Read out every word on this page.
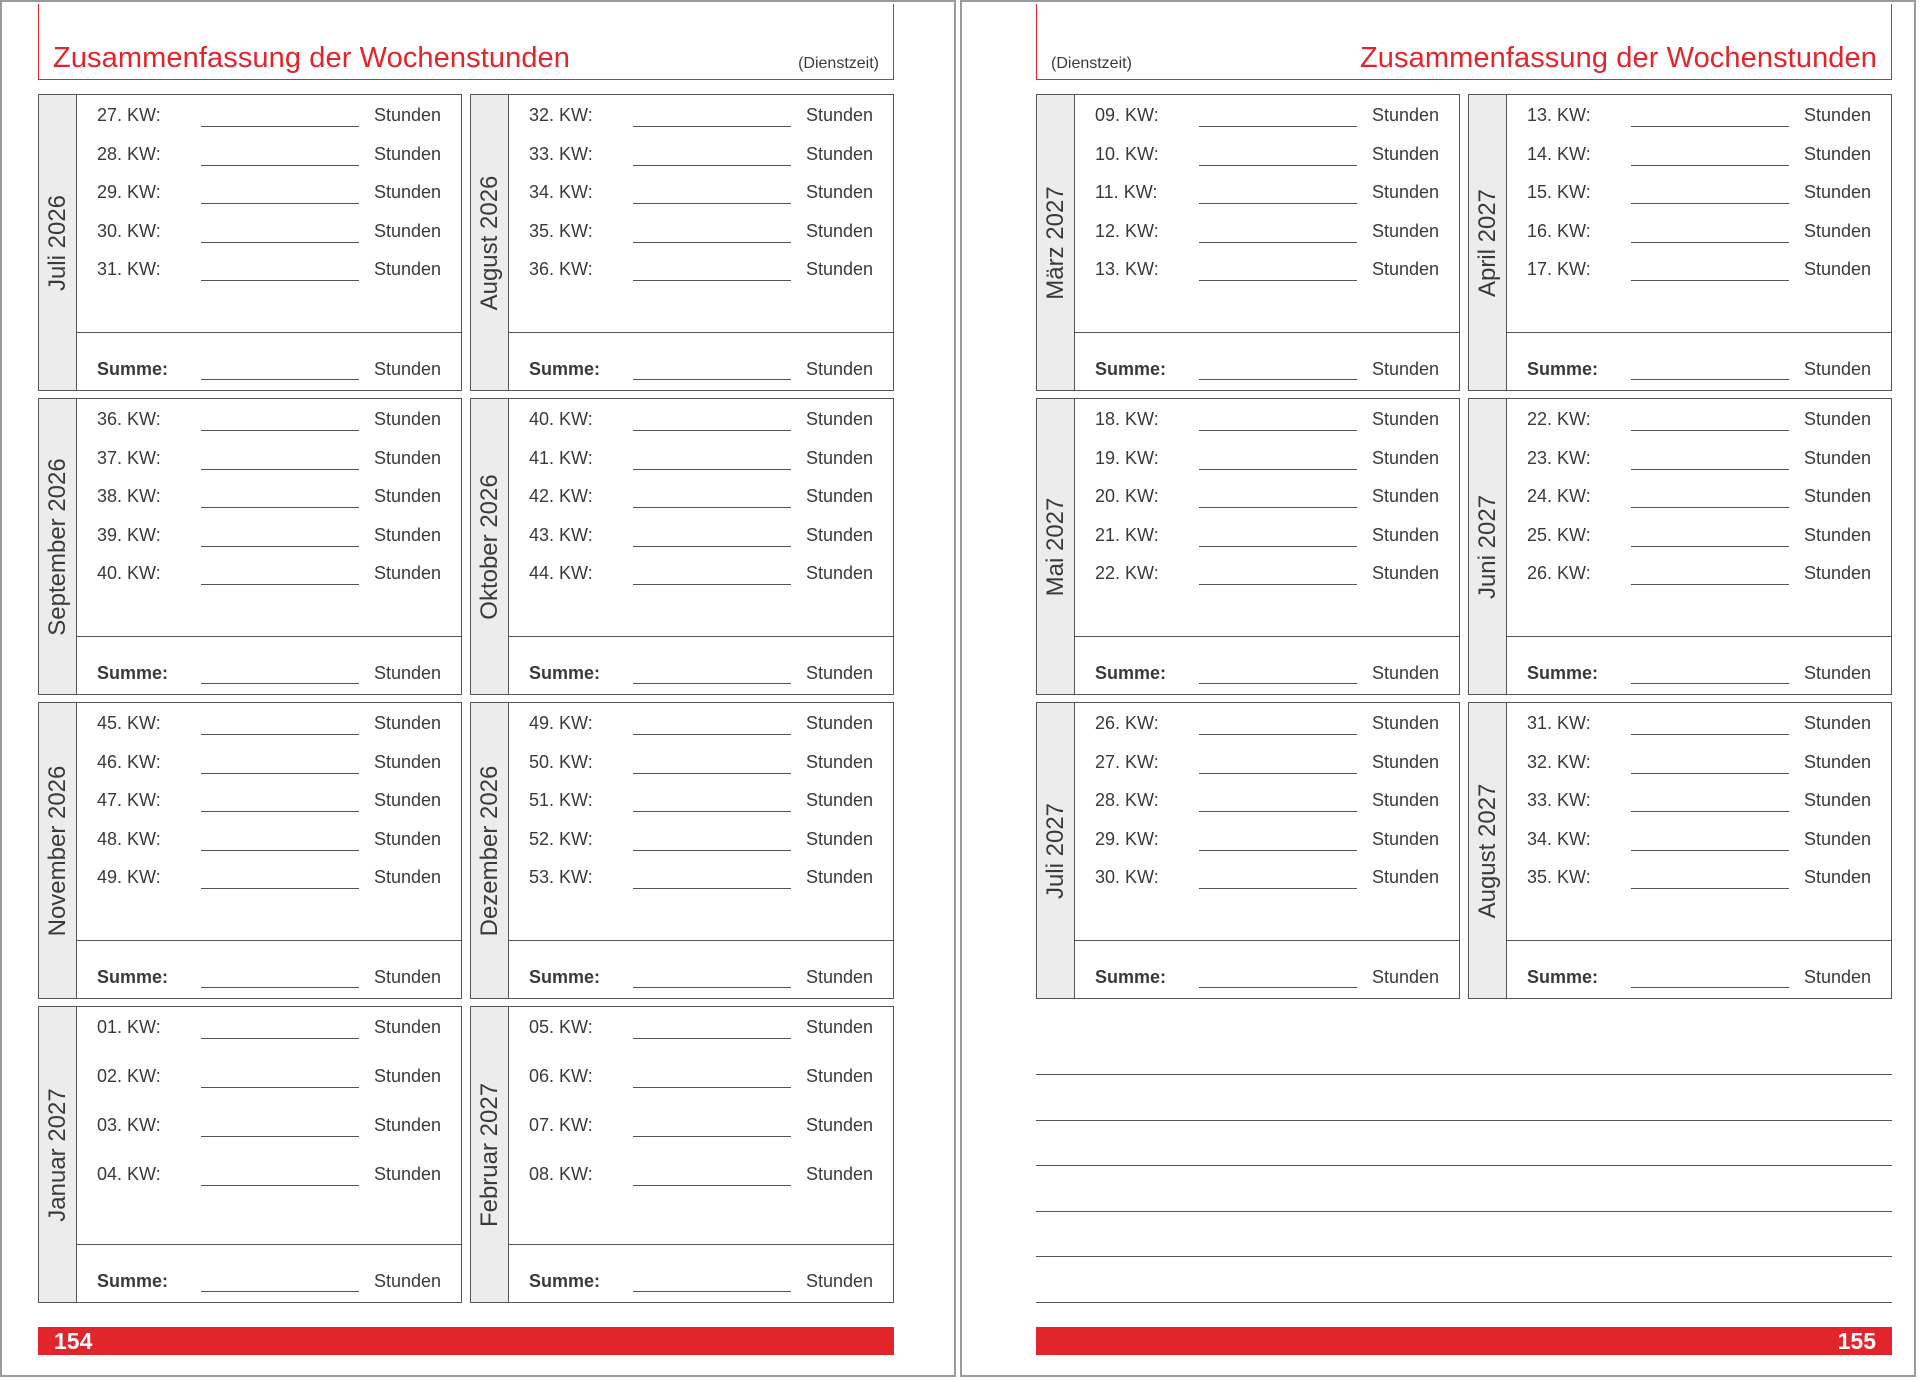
Zusammenfassung der Wochenstunden	(Dienstzeit)
Juli 2026
27. KW:	Stunden
28. KW:	Stunden
29. KW:	Stunden
30. KW:	Stunden
31. KW:	Stunden
Summe:	Stunden
August 2026
32. KW:	Stunden
33. KW:	Stunden
34. KW:	Stunden
35. KW:	Stunden
36. KW:	Stunden
Summe:	Stunden
September 2026
36. KW:	Stunden
37. KW:	Stunden
38. KW:	Stunden
39. KW:	Stunden
40. KW:	Stunden
Summe:	Stunden
Oktober 2026
40. KW:	Stunden
41. KW:	Stunden
42. KW:	Stunden
43. KW:	Stunden
44. KW:	Stunden
Summe:	Stunden
November 2026
45. KW:	Stunden
46. KW:	Stunden
47. KW:	Stunden
48. KW:	Stunden
49. KW:	Stunden
Summe:	Stunden
Dezember 2026
49. KW:	Stunden
50. KW:	Stunden
51. KW:	Stunden
52. KW:	Stunden
53. KW:	Stunden
Summe:	Stunden
Januar 2027
01. KW:	Stunden
02. KW:	Stunden
03. KW:	Stunden
04. KW:	Stunden
Summe:	Stunden
Februar 2027
05. KW:	Stunden
06. KW:	Stunden
07. KW:	Stunden
08. KW:	Stunden
Summe:	Stunden
154
(Dienstzeit)	Zusammenfassung der Wochenstunden
März 2027
09. KW:	Stunden
10. KW:	Stunden
11. KW:	Stunden
12. KW:	Stunden
13. KW:	Stunden
Summe:	Stunden
April 2027
13. KW:	Stunden
14. KW:	Stunden
15. KW:	Stunden
16. KW:	Stunden
17. KW:	Stunden
Summe:	Stunden
Mai 2027
18. KW:	Stunden
19. KW:	Stunden
20. KW:	Stunden
21. KW:	Stunden
22. KW:	Stunden
Summe:	Stunden
Juni 2027
22. KW:	Stunden
23. KW:	Stunden
24. KW:	Stunden
25. KW:	Stunden
26. KW:	Stunden
Summe:	Stunden
Juli 2027
26. KW:	Stunden
27. KW:	Stunden
28. KW:	Stunden
29. KW:	Stunden
30. KW:	Stunden
Summe:	Stunden
August 2027
31. KW:	Stunden
32. KW:	Stunden
33. KW:	Stunden
34. KW:	Stunden
35. KW:	Stunden
Summe:	Stunden
155
